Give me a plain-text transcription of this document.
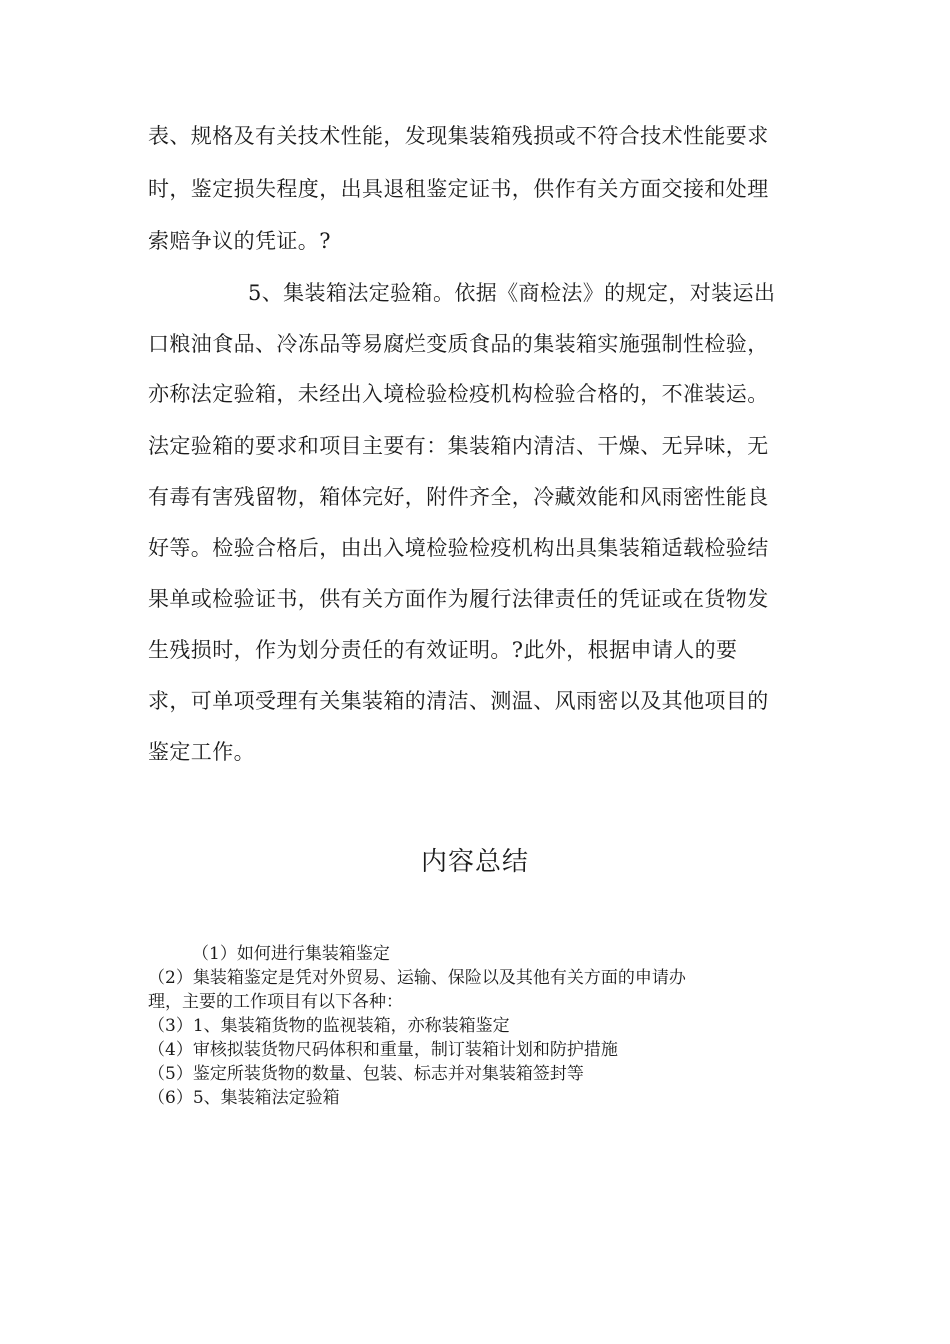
表、规格及有关技术性能，发现集装箱残损或不符合技术性能要求
时，鉴定损失程度，出具退租鉴定证书，供作有关方面交接和处理
索赔争议的凭证。?
5、集装箱法定验箱。依据《商检法》的规定，对装运出
口粮油食品、冷冻品等易腐烂变质食品的集装箱实施强制性检验，
亦称法定验箱，未经出入境检验检疫机构检验合格的，不准装运。
法定验箱的要求和项目主要有：集装箱内清洁、干燥、无异味，无
有毒有害残留物，箱体完好，附件齐全，冷藏效能和风雨密性能良
好等。检验合格后，由出入境检验检疫机构出具集装箱适载检验结
果单或检验证书，供有关方面作为履行法律责任的凭证或在货物发
生残损时，作为划分责任的有效证明。?此外，根据申请人的要
求，可单项受理有关集装箱的清洁、测温、风雨密以及其他项目的
鉴定工作。
内容总结
（1）如何进行集装箱鉴定
（2）集装箱鉴定是凭对外贸易、运输、保险以及其他有关方面的申请办
理，主要的工作项目有以下各种：
（3）1、集装箱货物的监视装箱，亦称装箱鉴定
（4）审核拟装货物尺码体积和重量，制订装箱计划和防护措施
（5）鉴定所装货物的数量、包装、标志并对集装箱签封等
（6）5、集装箱法定验箱
